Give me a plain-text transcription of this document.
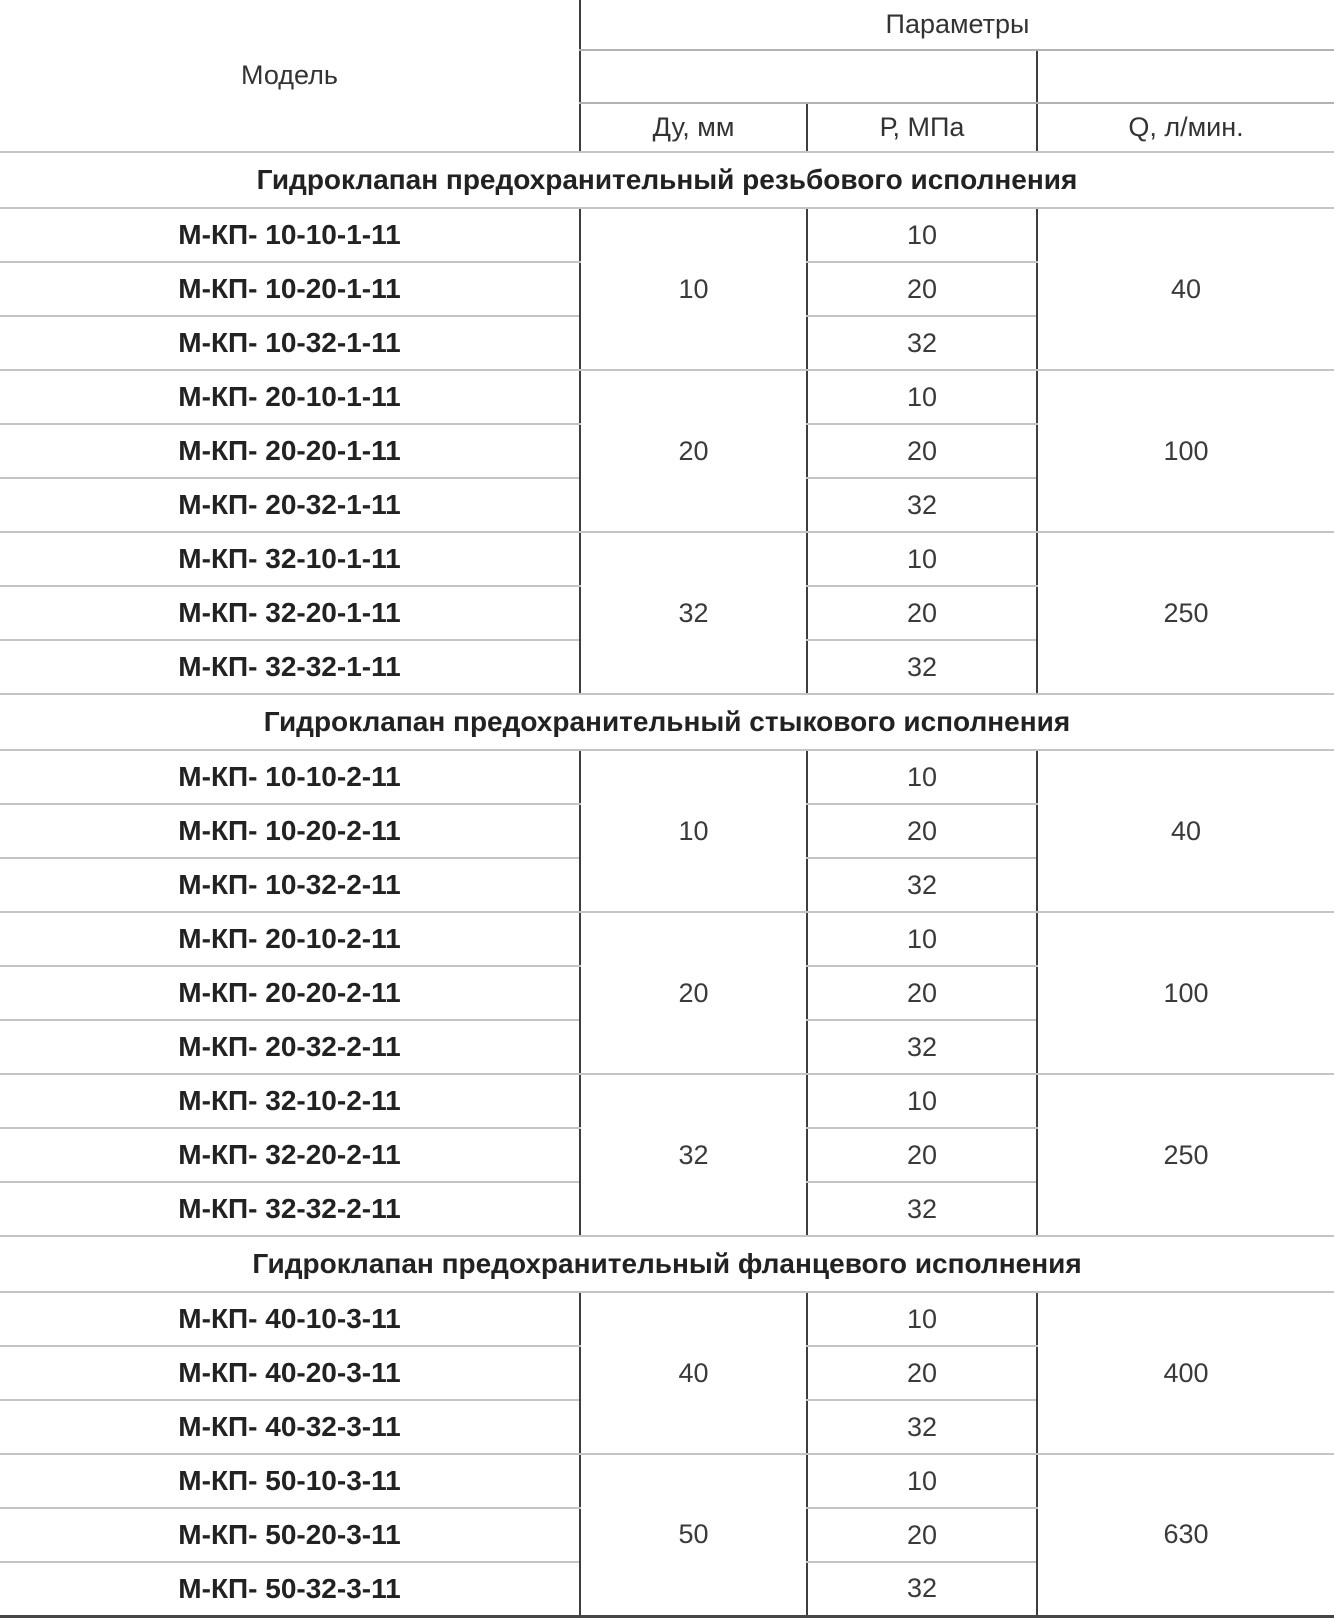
Модель	Параметры		

	Ду, мм	Р, МПа	Q, л/мин.
Гидроклапан предохранительный резьбового исполнения			
М-КП- 10-10-1-11	10	10	40
М-КП- 10-20-1-11		20	
М-КП- 10-32-1-11		32	
М-КП- 20-10-1-11	20	10	100
М-КП- 20-20-1-11		20	
М-КП- 20-32-1-11		32	
М-КП- 32-10-1-11	32	10	250
М-КП- 32-20-1-11		20	
М-КП- 32-32-1-11		32	
Гидроклапан предохранительный стыкового исполнения			
М-КП- 10-10-2-11	10	10	40
М-КП- 10-20-2-11		20	
М-КП- 10-32-2-11		32	
М-КП- 20-10-2-11	20	10	100
М-КП- 20-20-2-11		20	
М-КП- 20-32-2-11		32	
М-КП- 32-10-2-11	32	10	250
М-КП- 32-20-2-11		20	
М-КП- 32-32-2-11		32	
Гидроклапан предохранительный фланцевого исполнения			
М-КП- 40-10-3-11	40	10	400
М-КП- 40-20-3-11		20	
М-КП- 40-32-3-11		32	
М-КП- 50-10-3-11	50	10	630
М-КП- 50-20-3-11		20	
М-КП- 50-32-3-11		32	
